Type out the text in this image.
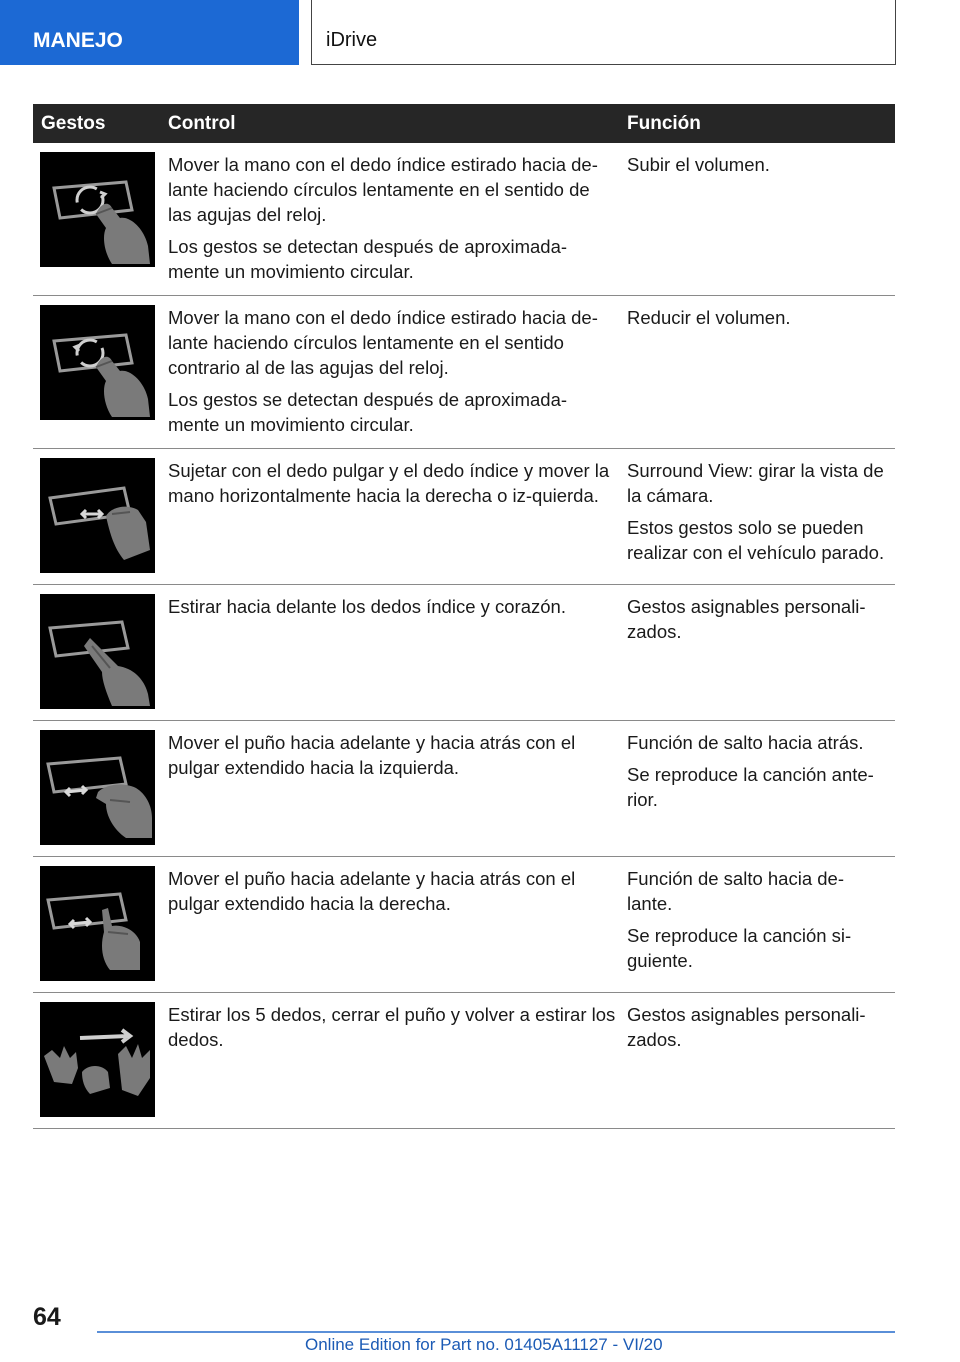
MANEJO	iDrive
Gestos	Control	Función

Mover la mano con el dedo índice estirado hacia de-lante haciendo círculos lentamente en el sentido de las agujas del reloj.

Los gestos se detectan después de aproximada-mente un movimiento circular.	Subir el volumen.

Mover la mano con el dedo índice estirado hacia de-lante haciendo círculos lentamente en el sentido contrario al de las agujas del reloj.

Los gestos se detectan después de aproximada-mente un movimiento circular.	Reducir el volumen.

Sujetar con el dedo pulgar y el dedo índice y mover la mano horizontalmente hacia la derecha o iz-quierda.	Surround View: girar la vista de la cámara.

Estos gestos solo se pueden realizar con el vehículo parado.

Estirar hacia delante los dedos índice y corazón.	Gestos asignables personali-zados.

Mover el puño hacia adelante y hacia atrás con el pulgar extendido hacia la izquierda.	Función de salto hacia atrás.

Se reproduce la canción ante-rior.

Mover el puño hacia adelante y hacia atrás con el pulgar extendido hacia la derecha.	Función de salto hacia de-lante.

Se reproduce la canción si-guiente.

Estirar los 5 dedos, cerrar el puño y volver a estirar los dedos.	Gestos asignables personali-zados.

64
Online Edition for Part no. 01405A11127 - VI/20
